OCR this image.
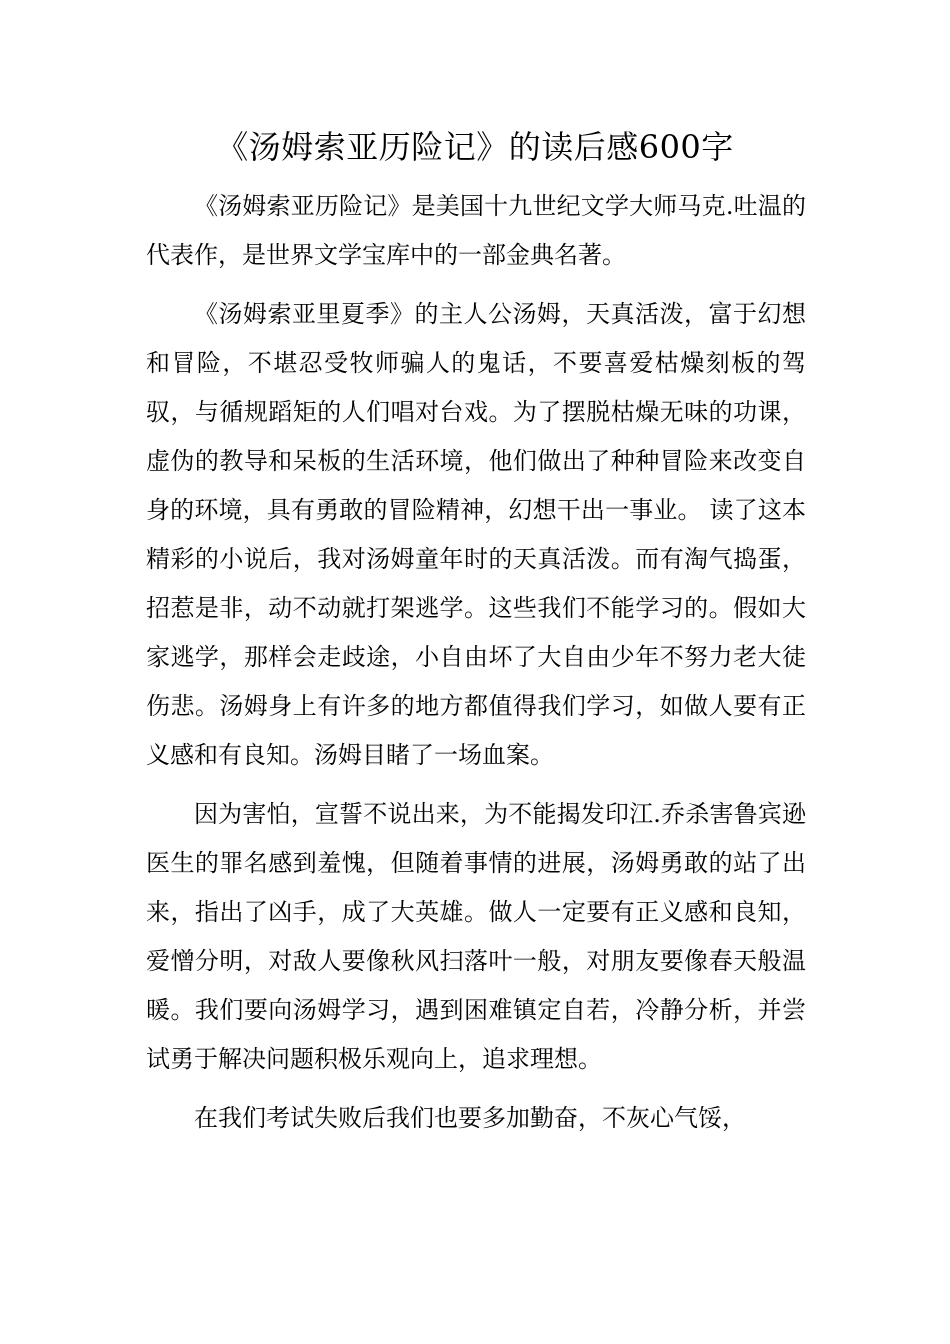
《汤姆索亚历险记》的读后感600字

《汤姆索亚历险记》是美国十九世纪文学大师马克.吐温的代表作，是世界文学宝库中的一部金典名著。

《汤姆索亚里夏季》的主人公汤姆，天真活泼，富于幻想和冒险，不堪忍受牧师骗人的鬼话，不要喜爱枯燥刻板的驾驭，与循规蹈矩的人们唱对台戏。为了摆脱枯燥无味的功课，虚伪的教导和呆板的生活环境，他们做出了种种冒险来改变自身的环境，具有勇敢的冒险精神，幻想干出一事业。 读了这本精彩的小说后，我对汤姆童年时的天真活泼。而有淘气捣蛋，招惹是非，动不动就打架逃学。这些我们不能学习的。假如大家逃学，那样会走歧途，小自由坏了大自由少年不努力老大徒伤悲。汤姆身上有许多的地方都值得我们学习，如做人要有正义感和有良知。汤姆目睹了一场血案。

因为害怕，宣誓不说出来，为不能揭发印江.乔杀害鲁宾逊医生的罪名感到羞愧，但随着事情的进展，汤姆勇敢的站了出来，指出了凶手，成了大英雄。做人一定要有正义感和良知，爱憎分明，对敌人要像秋风扫落叶一般，对朋友要像春天般温暖。我们要向汤姆学习，遇到困难镇定自若，冷静分析，并尝试勇于解决问题积极乐观向上，追求理想。

在我们考试失败后我们也要多加勤奋，不灰心气馁，
